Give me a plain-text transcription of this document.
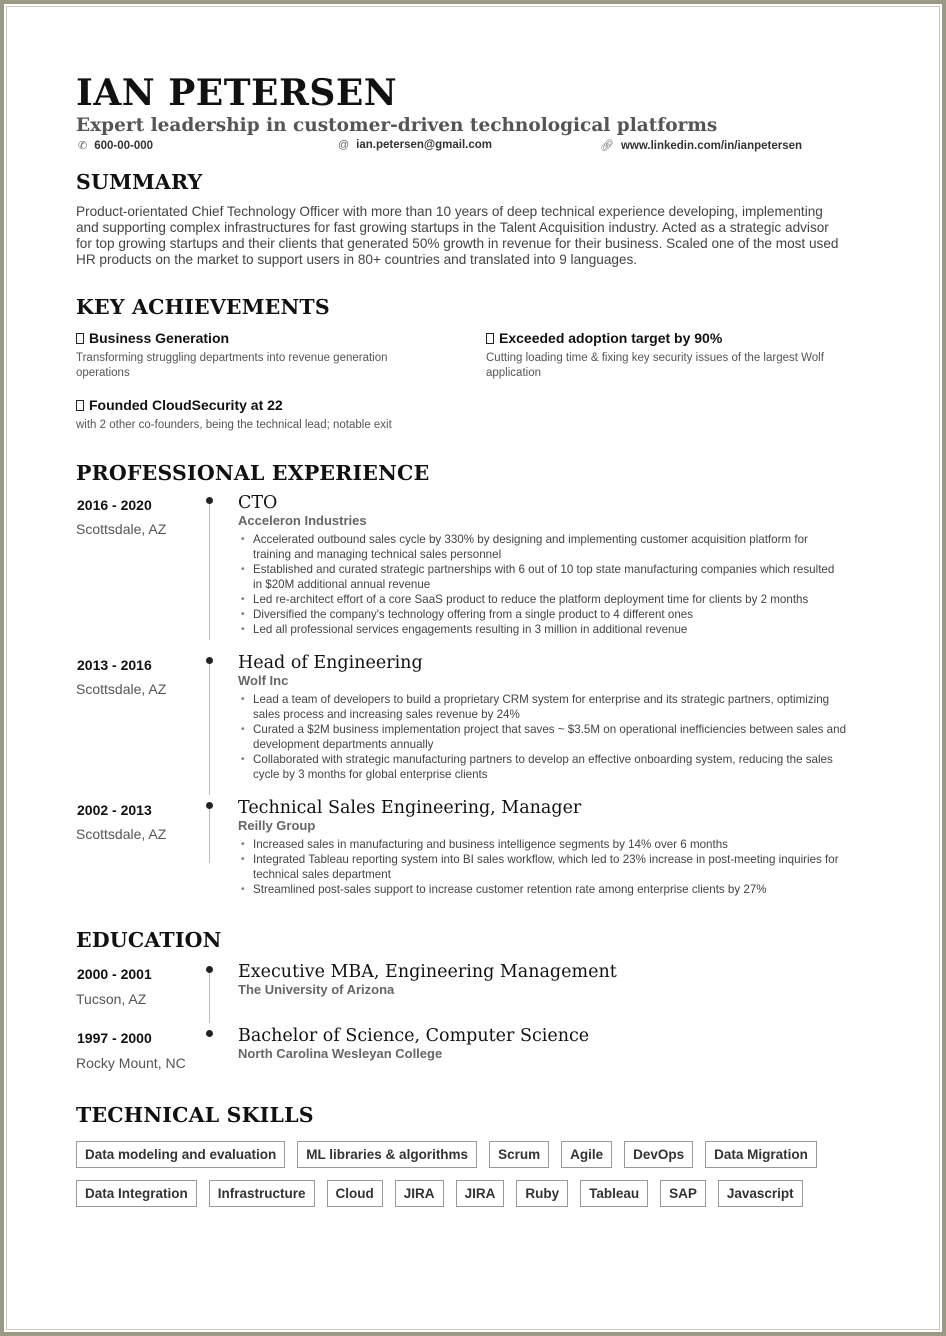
IAN PETERSEN
Expert leadership in customer-driven technological platforms
✆ 600-00-000	@ ian.petersen@gmail.com	🔗︎ www.linkedin.com/in/ianpetersen
SUMMARY
Product-orientated Chief Technology Officer with more than 10 years of deep technical experience developing, implementing
and supporting complex infrastructures for fast growing startups in the Talent Acquisition industry. Acted as a strategic advisor
for top growing startups and their clients that generated 50% growth in revenue for their business. Scaled one of the most used
HR products on the market to support users in 80+ countries and translated into 9 languages.
KEY ACHIEVEMENTS
Business Generation
Transforming struggling departments into revenue generation
operations
Exceeded adoption target by 90%
Cutting loading time & fixing key security issues of the largest Wolf
application
Founded CloudSecurity at 22
with 2 other co-founders, being the technical lead; notable exit
PROFESSIONAL EXPERIENCE
2016 - 2020
Scottsdale, AZ
CTO
Acceleron Industries
• Accelerated outbound sales cycle by 330% by designing and implementing customer acquisition platform for
training and managing technical sales personnel
• Established and curated strategic partnerships with 6 out of 10 top state manufacturing companies which resulted
in $20M additional annual revenue
• Led re-architect effort of a core SaaS product to reduce the platform deployment time for clients by 2 months
• Diversified the company's technology offering from a single product to 4 different ones
• Led all professional services engagements resulting in 3 million in additional revenue
2013 - 2016
Scottsdale, AZ
Head of Engineering
Wolf Inc
• Lead a team of developers to build a proprietary CRM system for enterprise and its strategic partners, optimizing
sales process and increasing sales revenue by 24%
• Curated a $2M business implementation project that saves ~ $3.5M on operational inefficiencies between sales and
development departments annually
• Collaborated with strategic manufacturing partners to develop an effective onboarding system, reducing the sales
cycle by 3 months for global enterprise clients
2002 - 2013
Scottsdale, AZ
Technical Sales Engineering, Manager
Reilly Group
• Increased sales in manufacturing and business intelligence segments by 14% over 6 months
• Integrated Tableau reporting system into BI sales workflow, which led to 23% increase in post-meeting inquiries for
technical sales department
• Streamlined post-sales support to increase customer retention rate among enterprise clients by 27%
EDUCATION
2000 - 2001
Tucson, AZ
Executive MBA, Engineering Management
The University of Arizona
1997 - 2000
Rocky Mount, NC
Bachelor of Science, Computer Science
North Carolina Wesleyan College
TECHNICAL SKILLS
Data modeling and evaluation	ML libraries & algorithms	Scrum	Agile	DevOps	Data Migration
Data Integration	Infrastructure	Cloud	JIRA	JIRA	Ruby	Tableau	SAP	Javascript
